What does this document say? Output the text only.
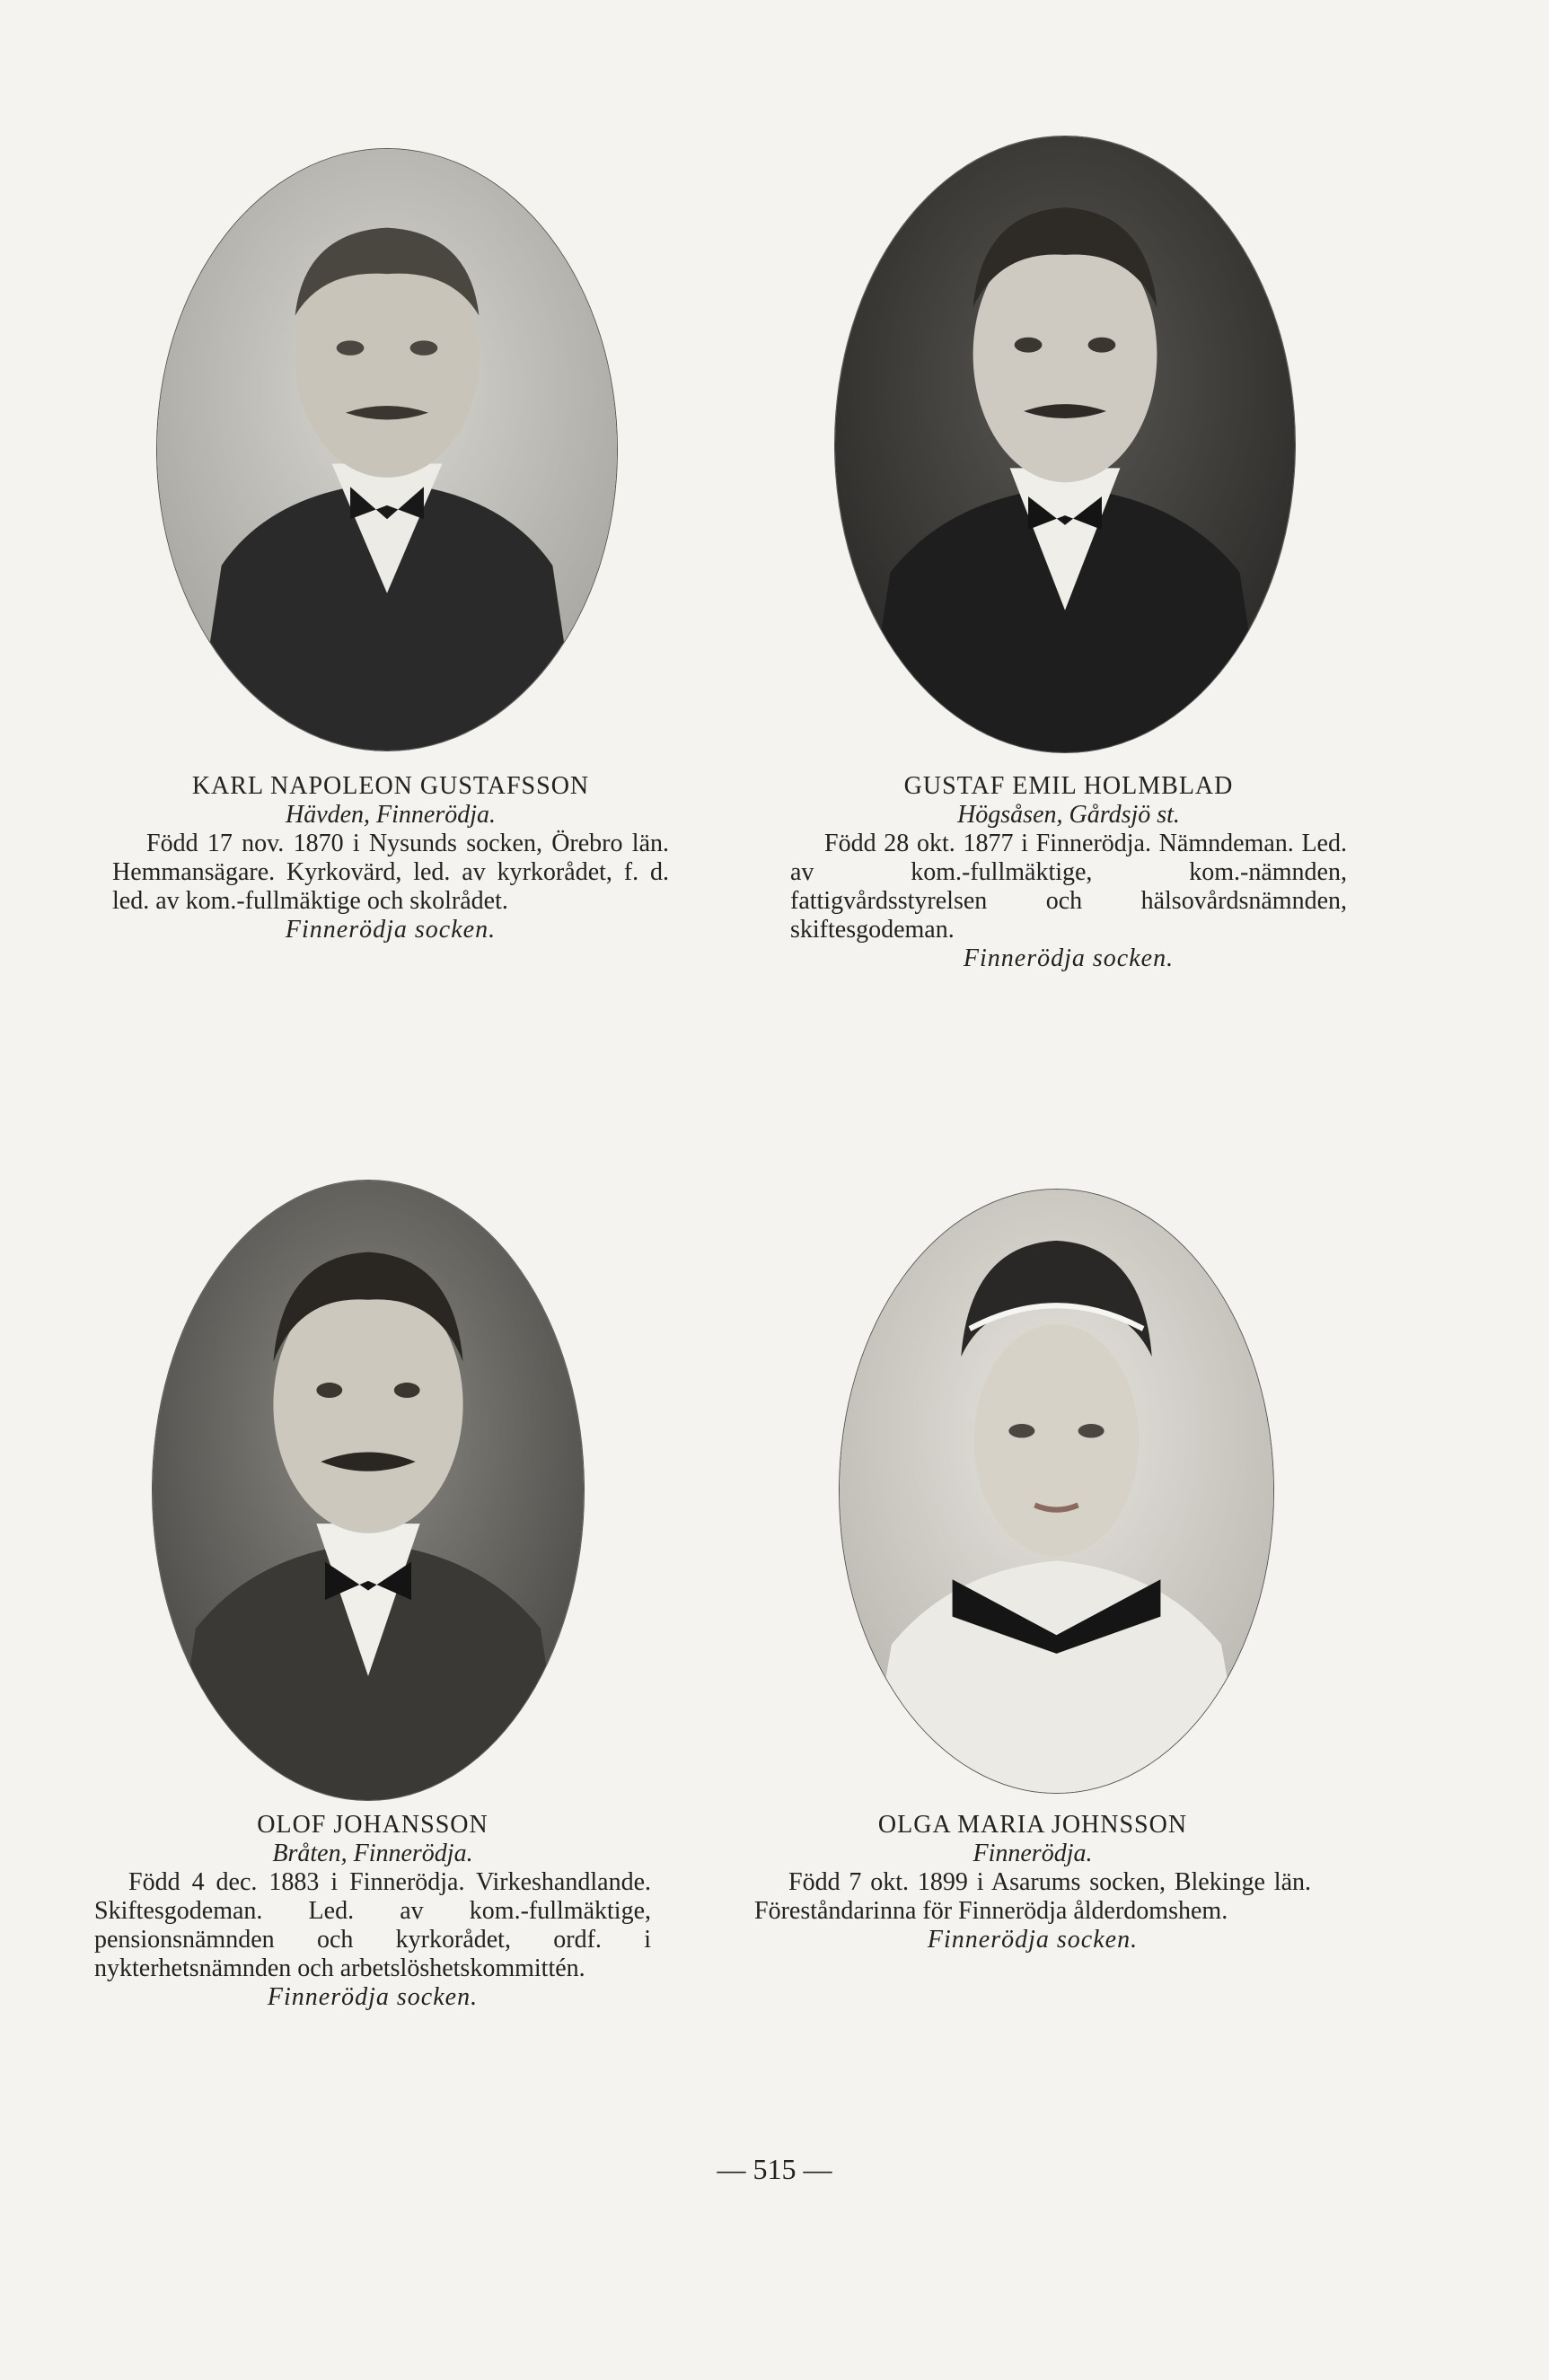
KARL NAPOLEON GUSTAFSSON
Hävden, Finnerödja.

Född 17 nov. 1870 i Nysunds socken, Örebro län. Hemmansägare. Kyrkovärd, led. av kyrkorådet, f. d. led. av kom.-fullmäktige och skolrådet.

Finnerödja socken.
GUSTAF EMIL HOLMBLAD
Högsåsen, Gårdsjö st.

Född 28 okt. 1877 i Finnerödja. Nämndeman. Led. av kom.-fullmäktige, kom.-nämnden, fattigvårdsstyrelsen och hälsovårdsnämnden, skiftesgodeman.

Finnerödja socken.
OLOF JOHANSSON
Bråten, Finnerödja.

Född 4 dec. 1883 i Finnerödja. Virkeshandlande. Skiftesgodeman. Led. av kom.-fullmäktige, pensionsnämnden och kyrkorådet, ordf. i nykterhetsnämnden och arbetslöshetskommittén.

Finnerödja socken.
OLGA MARIA JOHNSSON
Finnerödja.

Född 7 okt. 1899 i Asarums socken, Blekinge län. Föreståndarinna för Finnerödja ålderdomshem.

Finnerödja socken.
— 515 —
